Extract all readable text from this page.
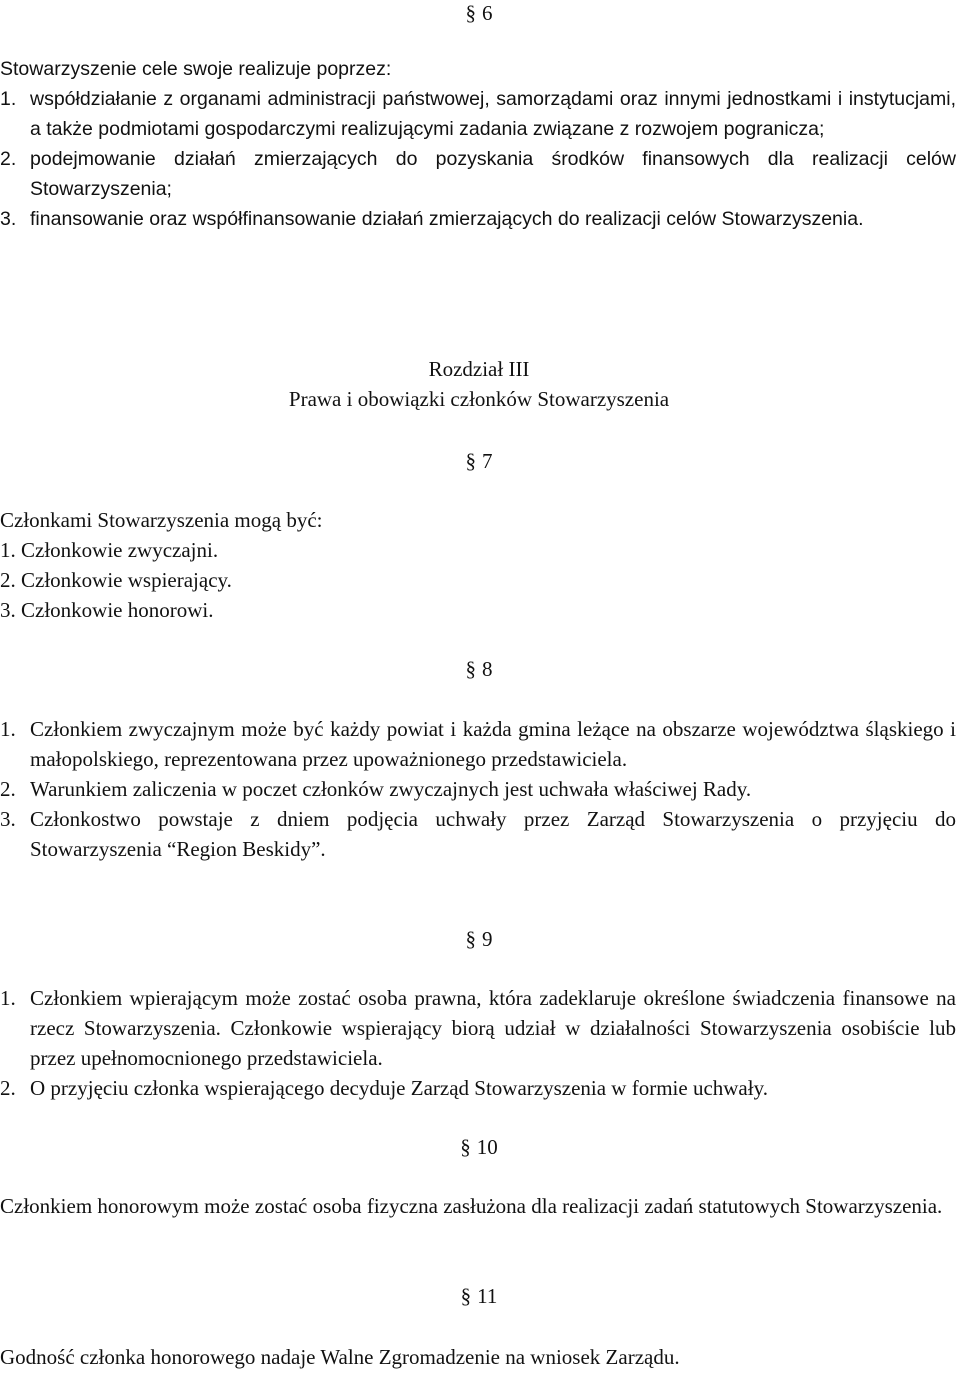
§ 6
Stowarzyszenie cele swoje realizuje poprzez:
1. współdziałanie z organami administracji państwowej, samorządami oraz innymi jednostkami i instytucjami, a także podmiotami gospodarczymi realizującymi zadania związane z rozwojem pogranicza;
2. podejmowanie działań zmierzających do pozyskania środków finansowych dla realizacji celów Stowarzyszenia;
3. finansowanie oraz współfinansowanie działań zmierzających do realizacji celów Stowarzyszenia.
Rozdział III
Prawa i obowiązki członków Stowarzyszenia
§ 7
Członkami Stowarzyszenia mogą być:
1. Członkowie zwyczajni.
2. Członkowie wspierający.
3. Członkowie honorowi.
§ 8
1. Członkiem zwyczajnym może być każdy powiat i każda gmina leżące na obszarze województwa śląskiego i małopolskiego, reprezentowana przez upoważnionego przedstawiciela.
2. Warunkiem zaliczenia w poczet członków zwyczajnych jest uchwała właściwej Rady.
3. Członkostwo powstaje z dniem podjęcia uchwały przez Zarząd Stowarzyszenia o przyjęciu do Stowarzyszenia “Region Beskidy”.
§ 9
1. Członkiem wpierającym może zostać osoba prawna, która zadeklaruje określone świadczenia finansowe na rzecz Stowarzyszenia. Członkowie wspierający biorą udział w działalności Stowarzyszenia osobiście lub przez upełnomocnionego przedstawiciela.
2. O przyjęciu członka wspierającego decyduje Zarząd Stowarzyszenia w formie uchwały.
§ 10
Członkiem honorowym może zostać osoba fizyczna zasłużona dla realizacji zadań statutowych Stowarzyszenia.
§ 11
Godność członka honorowego nadaje Walne Zgromadzenie na wniosek Zarządu.
